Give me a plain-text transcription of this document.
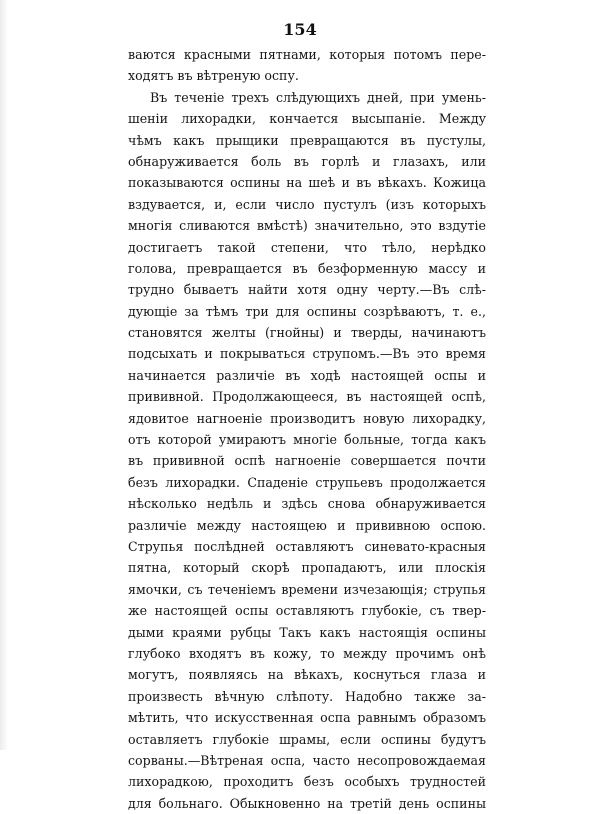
154
ваются красными пятнами, которыя потомъ пере-
ходятъ въ вѣтреную оспу.
Въ теченіе трехъ слѣдующихъ дней, при умень-
шеніи лихорадки, кончается высыпаніе. Между
чѣмъ какъ прыщики превращаются въ пустулы,
обнаруживается боль въ горлѣ и глазахъ, или
показываются оспины на шеѣ и въ вѣкахъ. Кожица
вздувается, и, если число пустулъ (изъ которыхъ
многія сливаются вмѣстѣ) значительно, это вздутіе
достигаетъ такой степени, что тѣло, нерѣдко
голова, превращается въ безформенную массу и
трудно бываетъ найти хотя одну черту.—Въ слѣ-
дующіе за тѣмъ три для оспины созрѣваютъ, т. е.,
становятся желты (гнойны) и тверды, начинаютъ
подсыхать и покрываться струпомъ.—Въ это время
начинается различіе въ ходѣ настоящей оспы и
прививной. Продолжающееся, въ настоящей оспѣ,
ядовитое нагноеніе производитъ новую лихорадку,
отъ которой умираютъ многіе больные, тогда какъ
въ прививной оспѣ нагноеніе совершается почти
безъ лихорадки. Спаденіе струпьевъ продолжается
нѣсколько недѣль и здѣсь снова обнаруживается
различіе между настоящею и прививною оспою.
Струпья послѣдней оставляютъ синевато-красныя
пятна, который скорѣ пропадаютъ, или плоскія
ямочки, съ теченіемъ времени изчезающія; струпья
же настоящей оспы оставляютъ глубокіе, съ твер-
дыми краями рубцы Такъ какъ настоящія оспины
глубоко входятъ въ кожу, то между прочимъ онѣ
могутъ, появляясь на вѣкахъ, коснуться глаза и
произвесть вѣчную слѣпоту. Надобно также за-
мѣтить, что искусственная оспа равнымъ образомъ
оставляетъ глубокіе шрамы, если оспины будутъ
сорваны.—Вѣтреная оспа, часто несопровождаемая
лихорадкою, проходитъ безъ особыхъ трудностей
для больнаго. Обыкновенно на третій день оспины
